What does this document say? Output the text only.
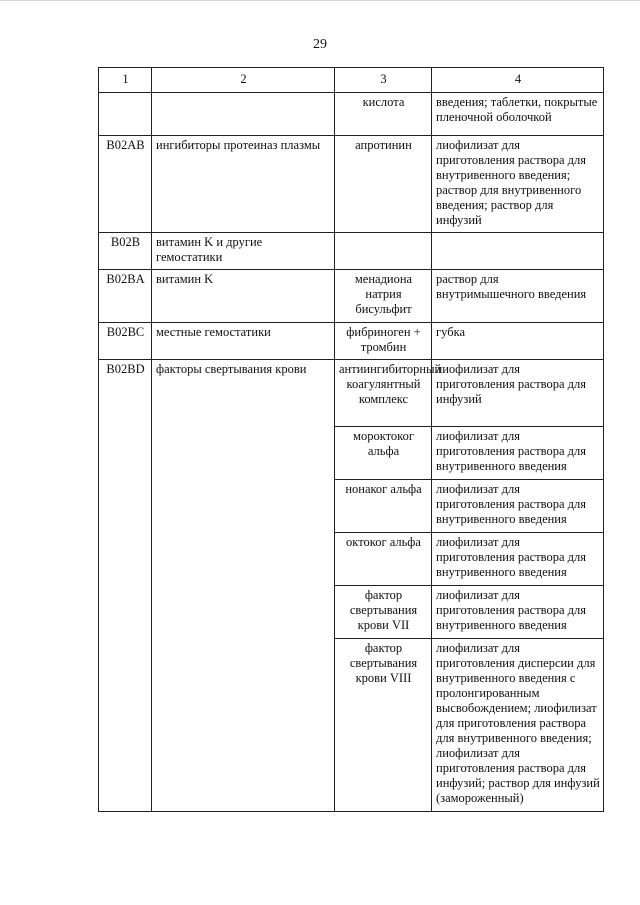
29
1	2	3	4
		кислота	введения; таблетки, покрытые пленочной оболочкой
B02AB	ингибиторы протеиназ плазмы	апротинин	лиофилизат для приготовления раствора для внутривенного введения; раствор для внутривенного введения; раствор для инфузий
B02B	витамин K и другие гемостатики		
B02BA	витамин K	менадиона натрия бисульфит	раствор для внутримышечного введения
B02BC	местные гемостатики	фибриноген + тромбин	губка
B02BD	факторы свертывания крови	антиингибиторный коагулянтный комплекс	лиофилизат для приготовления раствора для инфузий
		мороктоког альфа	лиофилизат для приготовления раствора для внутривенного введения
		нонаког альфа	лиофилизат для приготовления раствора для внутривенного введения
		октоког альфа	лиофилизат для приготовления раствора для внутривенного введения
		фактор свертывания крови VII	лиофилизат для приготовления раствора для внутривенного введения
		фактор свертывания крови VIII	лиофилизат для приготовления дисперсии для внутривенного введения с пролонгированным высвобождением; лиофилизат для приготовления раствора для внутривенного введения; лиофилизат для приготовления раствора для инфузий; раствор для инфузий (замороженный)
